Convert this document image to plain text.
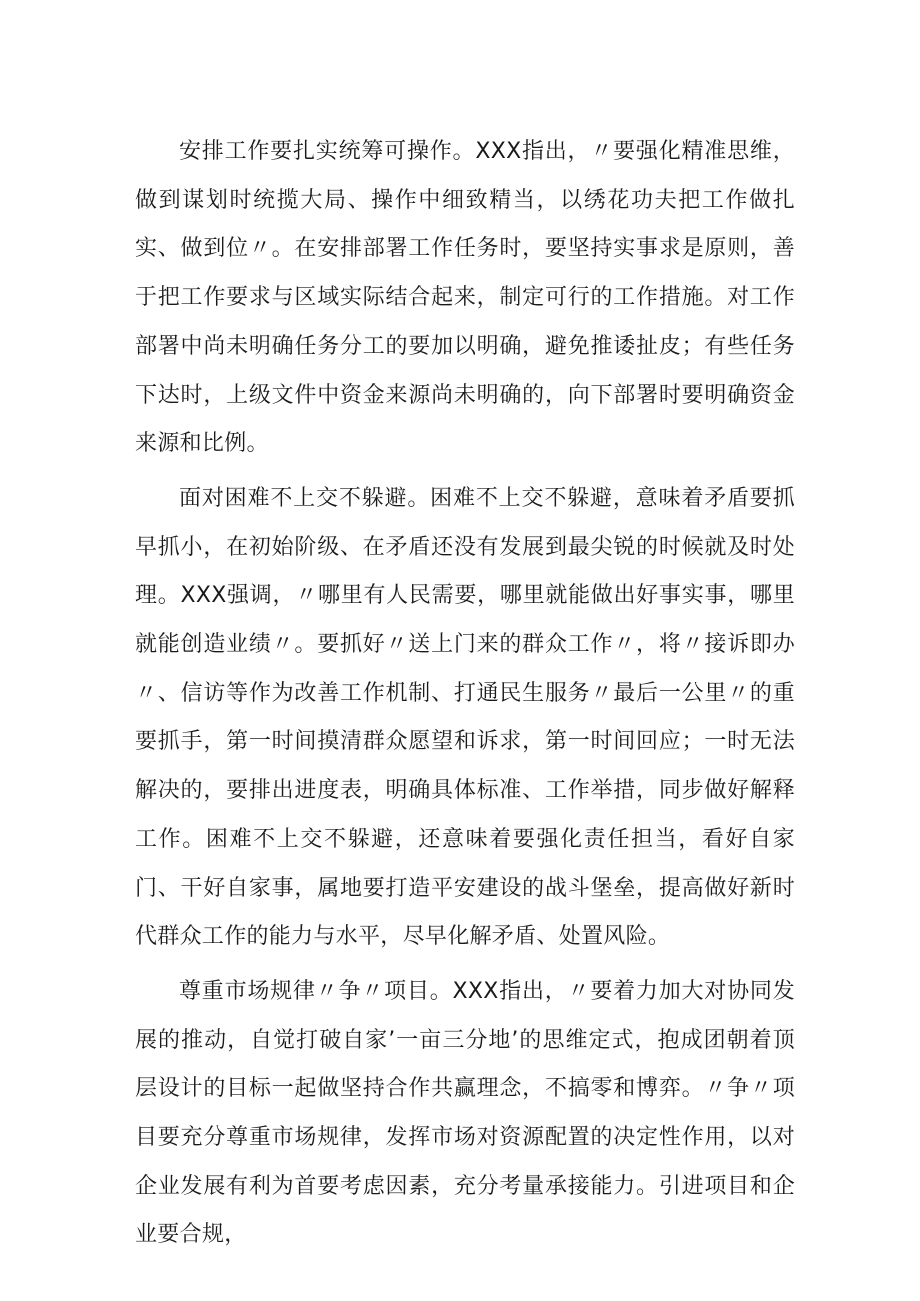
安排工作要扎实统筹可操作。XXX指出，〃要强化精准思维，做到谋划时统揽大局、操作中细致精当，以绣花功夫把工作做扎实、做到位〃。在安排部署工作任务时，要坚持实事求是原则，善于把工作要求与区域实际结合起来，制定可行的工作措施。对工作部署中尚未明确任务分工的要加以明确，避免推诿扯皮；有些任务下达时，上级文件中资金来源尚未明确的，向下部署时要明确资金来源和比例。

面对困难不上交不躲避。困难不上交不躲避，意味着矛盾要抓早抓小，在初始阶级、在矛盾还没有发展到最尖锐的时候就及时处理。XXX强调，〃哪里有人民需要，哪里就能做出好事实事，哪里就能创造业绩〃。要抓好〃送上门来的群众工作〃，将〃接诉即办〃、信访等作为改善工作机制、打通民生服务〃最后一公里〃的重要抓手，第一时间摸清群众愿望和诉求，第一时间回应；一时无法解决的，要排出进度表，明确具体标准、工作举措，同步做好解释工作。困难不上交不躲避，还意味着要强化责任担当，看好自家门、干好自家事，属地要打造平安建设的战斗堡垒，提高做好新时代群众工作的能力与水平，尽早化解矛盾、处置风险。

尊重市场规律〃争〃项目。XXX指出，〃要着力加大对协同发展的推动，自觉打破自家’一亩三分地’的思维定式，抱成团朝着顶层设计的目标一起做坚持合作共赢理念，不搞零和博弈。〃争〃项目要充分尊重市场规律，发挥市场对资源配置的决定性作用，以对企业发展有利为首要考虑因素，充分考量承接能力。引进项目和企业要合规，
